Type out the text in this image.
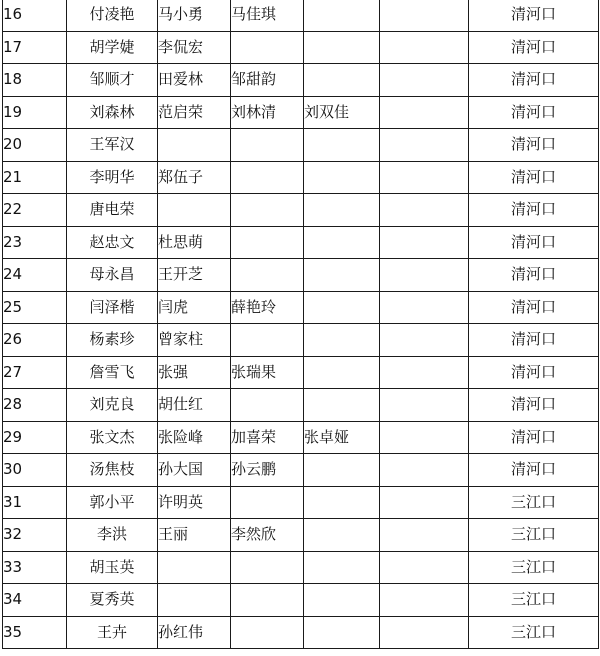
16	付凌艳	马小勇	马佳琪			清河口	
17	胡学婕	李侃宏				清河口	
18	邹顺才	田爱林	邹甜韵			清河口	
19	刘森林	范启荣	刘林清	刘双佳		清河口	
20	王军汉					清河口	
21	李明华	郑伍子				清河口	
22	唐电荣					清河口	
23	赵忠文	杜思萌				清河口	
24	母永昌	王开芝				清河口	
25	闫泽楷	闫虎	薛艳玲			清河口	
26	杨素珍	曾家柱				清河口	
27	詹雪飞	张强	张瑞果			清河口	
28	刘克良	胡仕红				清河口	
29	张文杰	张险峰	加喜荣	张卓娅		清河口	
30	汤焦枝	孙大国	孙云鹏			清河口	
31	郭小平	许明英				三江口	
32	李洪	王丽	李然欣			三江口	
33	胡玉英					三江口	
34	夏秀英					三江口	
35	王卉	孙红伟				三江口	
